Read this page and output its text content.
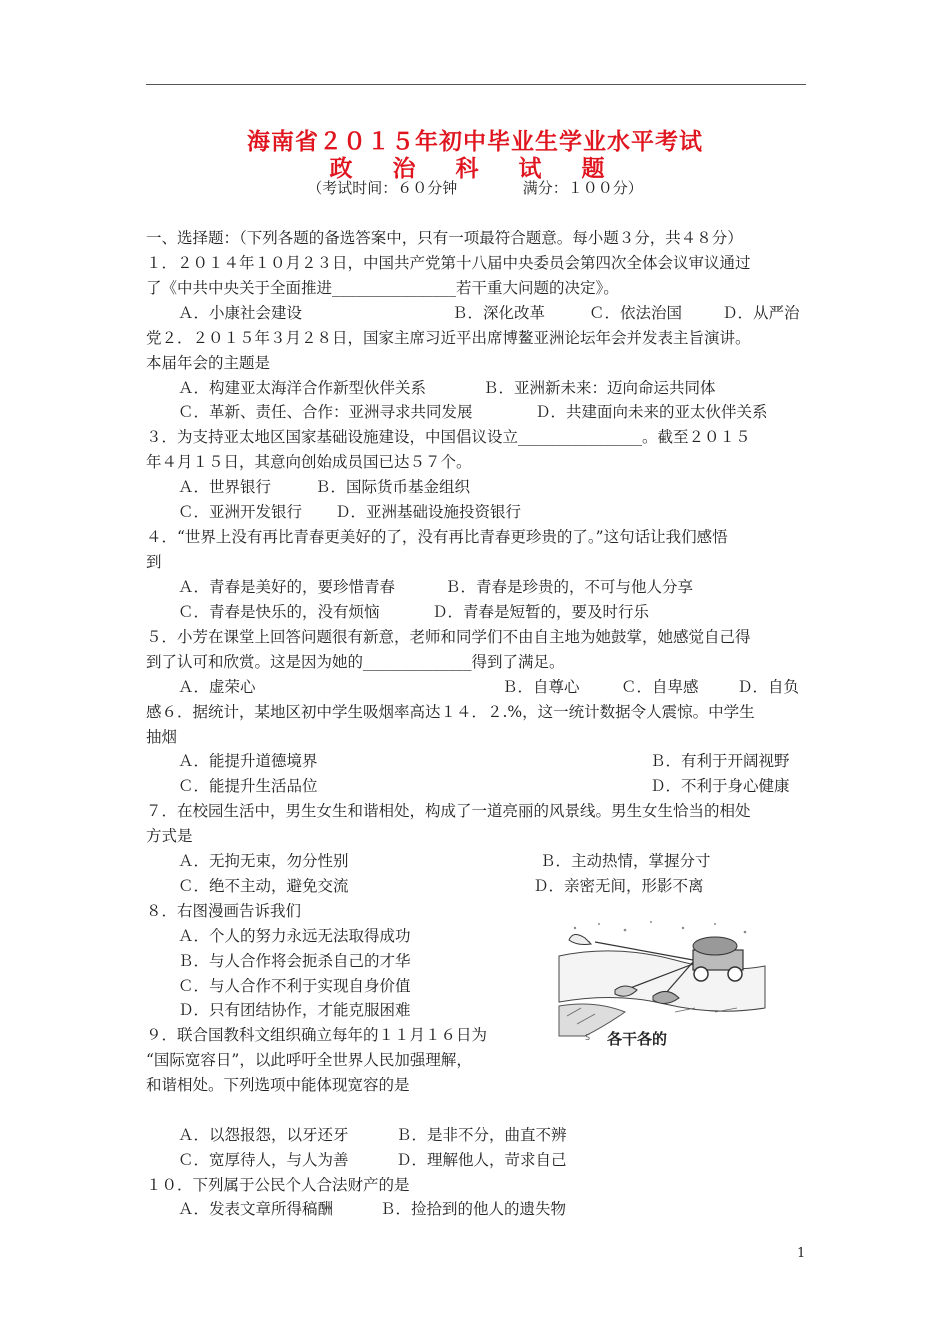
海南省２０１５年初中毕业生学业水平考试
政 治 科 试 题
（考试时间：６０分钟	满分：１００分）
一、选择题：（下列各题的备选答案中，只有一项最符合题意。每小题３分，共４８分）
１．２０１４年１０月２３日，中国共产党第十八届中央委员会第四次全体会议审议通过
了《中共中央关于全面推进________________若干重大问题的决定》。
Ａ．小康社会建设	Ｂ．深化改革	Ｃ．依法治国	Ｄ．从严治
党２．２０１５年３月２８日，国家主席习近平出席博鳌亚洲论坛年会并发表主旨演讲。
本届年会的主题是
Ａ．构建亚太海洋合作新型伙伴关系	Ｂ．亚洲新未来：迈向命运共同体
Ｃ．革新、责任、合作：亚洲寻求共同发展	Ｄ．共建面向未来的亚太伙伴关系
３．为支持亚太地区国家基础设施建设，中国倡议设立________________。截至２０１５
年４月１５日，其意向创始成员国已达５７个。
Ａ．世界银行	Ｂ．国际货币基金组织
Ｃ．亚洲开发银行 Ｄ．亚洲基础设施投资银行
４．“世界上没有再比青春更美好的了，没有再比青春更珍贵的了。”这句话让我们感悟
到
Ａ．青春是美好的，要珍惜青春	Ｂ．青春是珍贵的，不可与他人分享
Ｃ．青春是快乐的，没有烦恼	Ｄ．青春是短暂的，要及时行乐
５．小芳在课堂上回答问题很有新意，老师和同学们不由自主地为她鼓掌，她感觉自己得
到了认可和欣赏。这是因为她的______________得到了满足。
Ａ．虚荣心	Ｂ．自尊心	Ｃ．自卑感 Ｄ．自负
感６．据统计，某地区初中学生吸烟率高达１４．２.%，这一统计数据令人震惊。中学生
抽烟
Ａ．能提升道德境界	Ｂ．有利于开阔视野
Ｃ．能提升生活品位	Ｄ．不利于身心健康
７．在校园生活中，男生女生和谐相处，构成了一道亮丽的风景线。男生女生恰当的相处
方式是
Ａ．无拘无束，勿分性别	Ｂ．主动热情，掌握分寸
Ｃ．绝不主动，避免交流	Ｄ．亲密无间，形影不离
８．右图漫画告诉我们
Ａ．个人的努力永远无法取得成功
Ｂ．与人合作将会扼杀自己的才华
Ｃ．与人合作不利于实现自身价值
Ｄ．只有团结协作，才能克服困难
S 各干各的
９．联合国教科文组织确立每年的１１月１６日为
“国际宽容日”，以此呼吁全世界人民加强理解，
和谐相处。下列选项中能体现宽容的是
Ａ．以怨报怨，以牙还牙	Ｂ．是非不分，曲直不辨
Ｃ．宽厚待人，与人为善	Ｄ．理解他人，苛求自己
１０．下列属于公民个人合法财产的是
Ａ．发表文章所得稿酬	Ｂ．捡拾到的他人的遗失物
1
